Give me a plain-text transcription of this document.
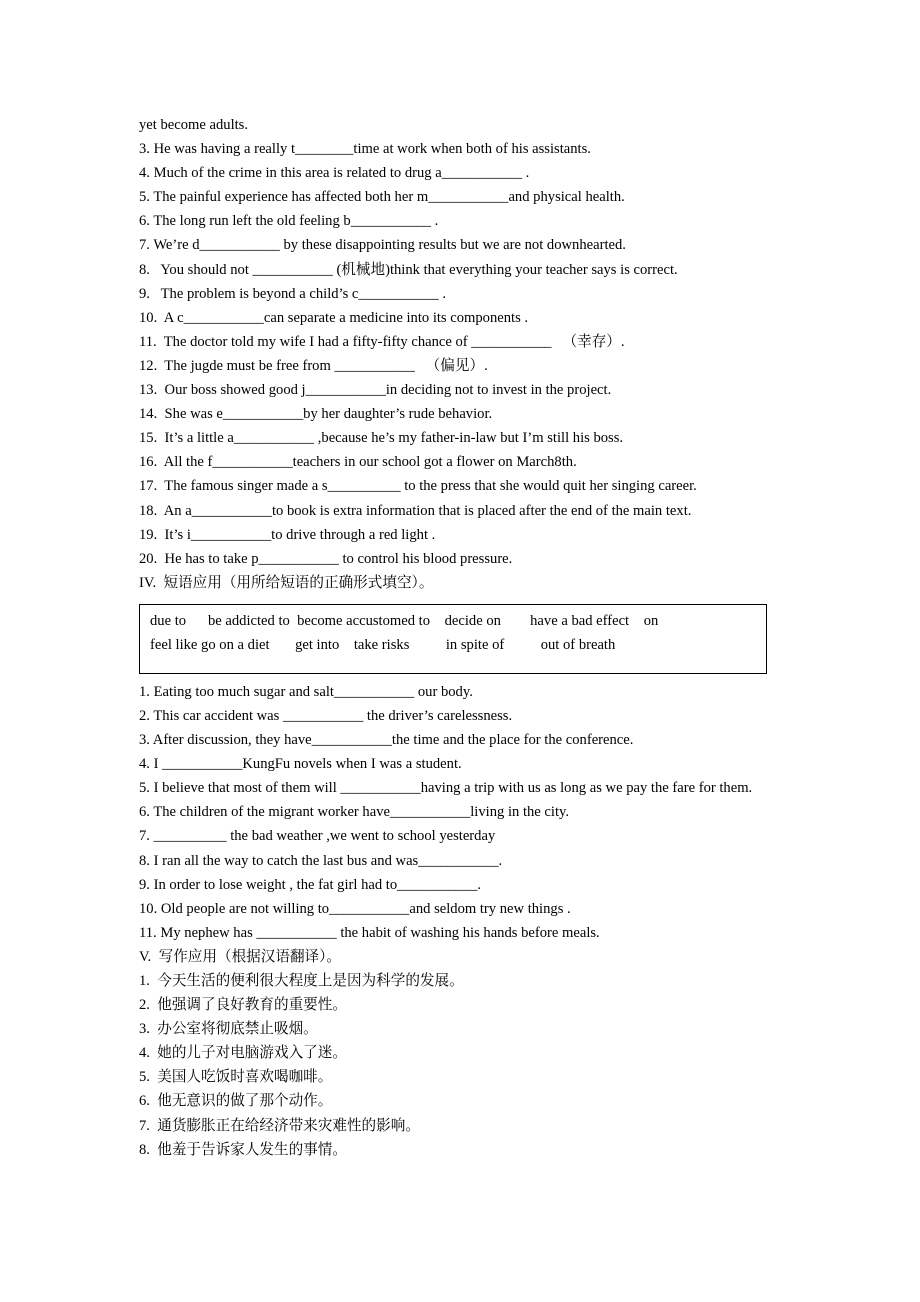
yet become adults.

3. He was having a really t________time at work when both of his assistants.

4. Much of the crime in this area is related to drug a___________ .

5. The painful experience has affected both her m___________and physical health.

6. The long run left the old feeling b___________ .

7. We’re d___________ by these disappointing results but we are not downhearted.

8.   You should not ___________ (机械地)think that everything your teacher says is correct.

9.   The problem is beyond a child’s c___________ .

10.  A c___________can separate a medicine into its components .

11.  The doctor told my wife I had a fifty-fifty chance of ___________   （幸存）.

12.  The jugde must be free from ___________   （偏见）.

13.  Our boss showed good j___________in deciding not to invest in the project.

14.  She was e___________by her daughter’s rude behavior.

15.  It’s a little a___________ ,because he’s my father-in-law but I’m still his boss.

16.  All the f___________teachers in our school got a flower on March8th.

17.  The famous singer made a s__________ to the press that she would quit her singing career.

18.  An a___________to book is extra information that is placed after the end of the main text.

19.  It’s i___________to drive through a red light .

20.  He has to take p___________ to control his blood pressure.

IV.  短语应用（用所给短语的正确形式填空）。

due to      be addicted to  become accustomed to    decide on        have a bad effect    on

feel like go on a diet       get into    take risks          in spite of          out of breath

1. Eating too much sugar and salt___________ our body.

2. This car accident was ___________ the driver’s carelessness.

3. After discussion, they have___________the time and the place for the conference.

4. I ___________KungFu novels when I was a student.

5. I believe that most of them will ___________having a trip with us as long as we pay the fare for them.

6. The children of the migrant worker have___________living in the city.

7. __________ the bad weather ,we went to school yesterday

8. I ran all the way to catch the last bus and was___________.

9. In order to lose weight , the fat girl had to___________.

10. Old people are not willing to___________and seldom try new things .

11. My nephew has ___________ the habit of washing his hands before meals.

V.  写作应用（根据汉语翻译）。

1.  今天生活的便利很大程度上是因为科学的发展。

2.  他强调了良好教育的重要性。

3.  办公室将彻底禁止吸烟。

4.  她的儿子对电脑游戏入了迷。

5.  美国人吃饭时喜欢喝咖啡。

6.  他无意识的做了那个动作。

7.  通货膨胀正在给经济带来灾难性的影响。

8.  他羞于告诉家人发生的事情。
